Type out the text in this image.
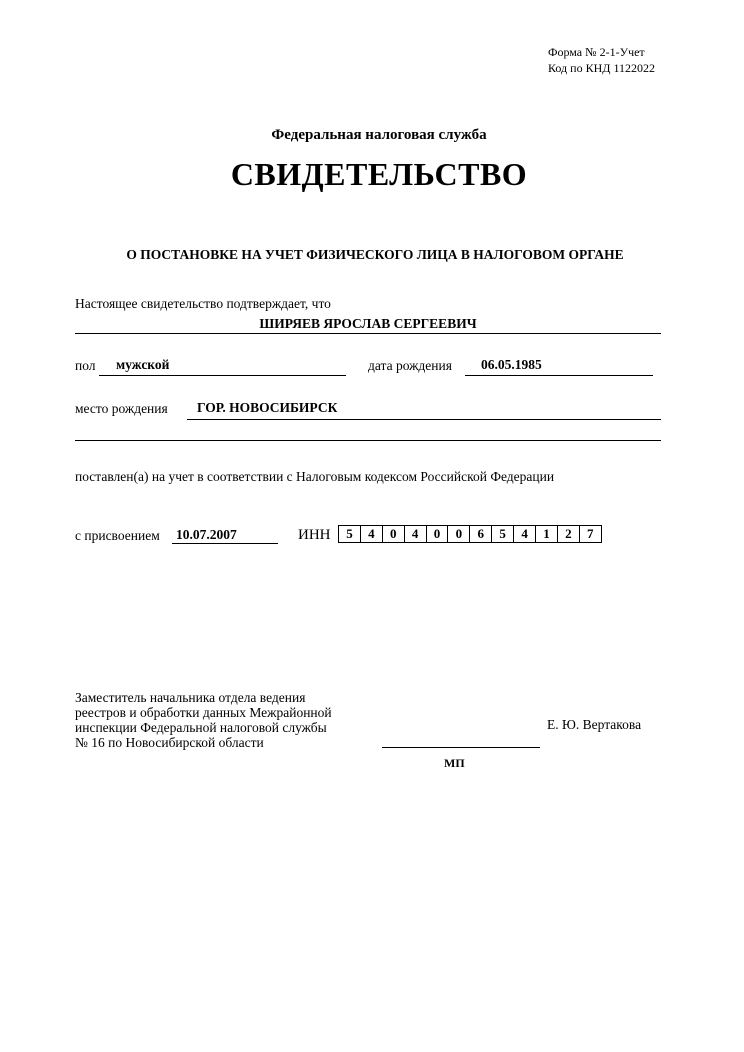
Форма № 2-1-Учет
Код по КНД 1122022
Федеральная налоговая служба
СВИДЕТЕЛЬСТВО
О ПОСТАНОВКЕ НА УЧЕТ ФИЗИЧЕСКОГО ЛИЦА В НАЛОГОВОМ ОРГАНЕ
Настоящее свидетельство подтверждает, что
ШИРЯЕВ ЯРОСЛАВ СЕРГЕЕВИЧ
пол мужской	дата рождения 06.05.1985
место рождения ГОР. НОВОСИБИРСК
поставлен(а) на учет в соответствии с Налоговым кодексом Российской Федерации
с присвоением 10.07.2007	ИНН	5	4	0	4	0	0	6	5	4	1	2	7
Заместитель начальника отдела ведения
реестров и обработки данных Межрайонной
инспекции Федеральной налоговой службы
№ 16 по Новосибирской области
Е. Ю. Вертакова
МП
